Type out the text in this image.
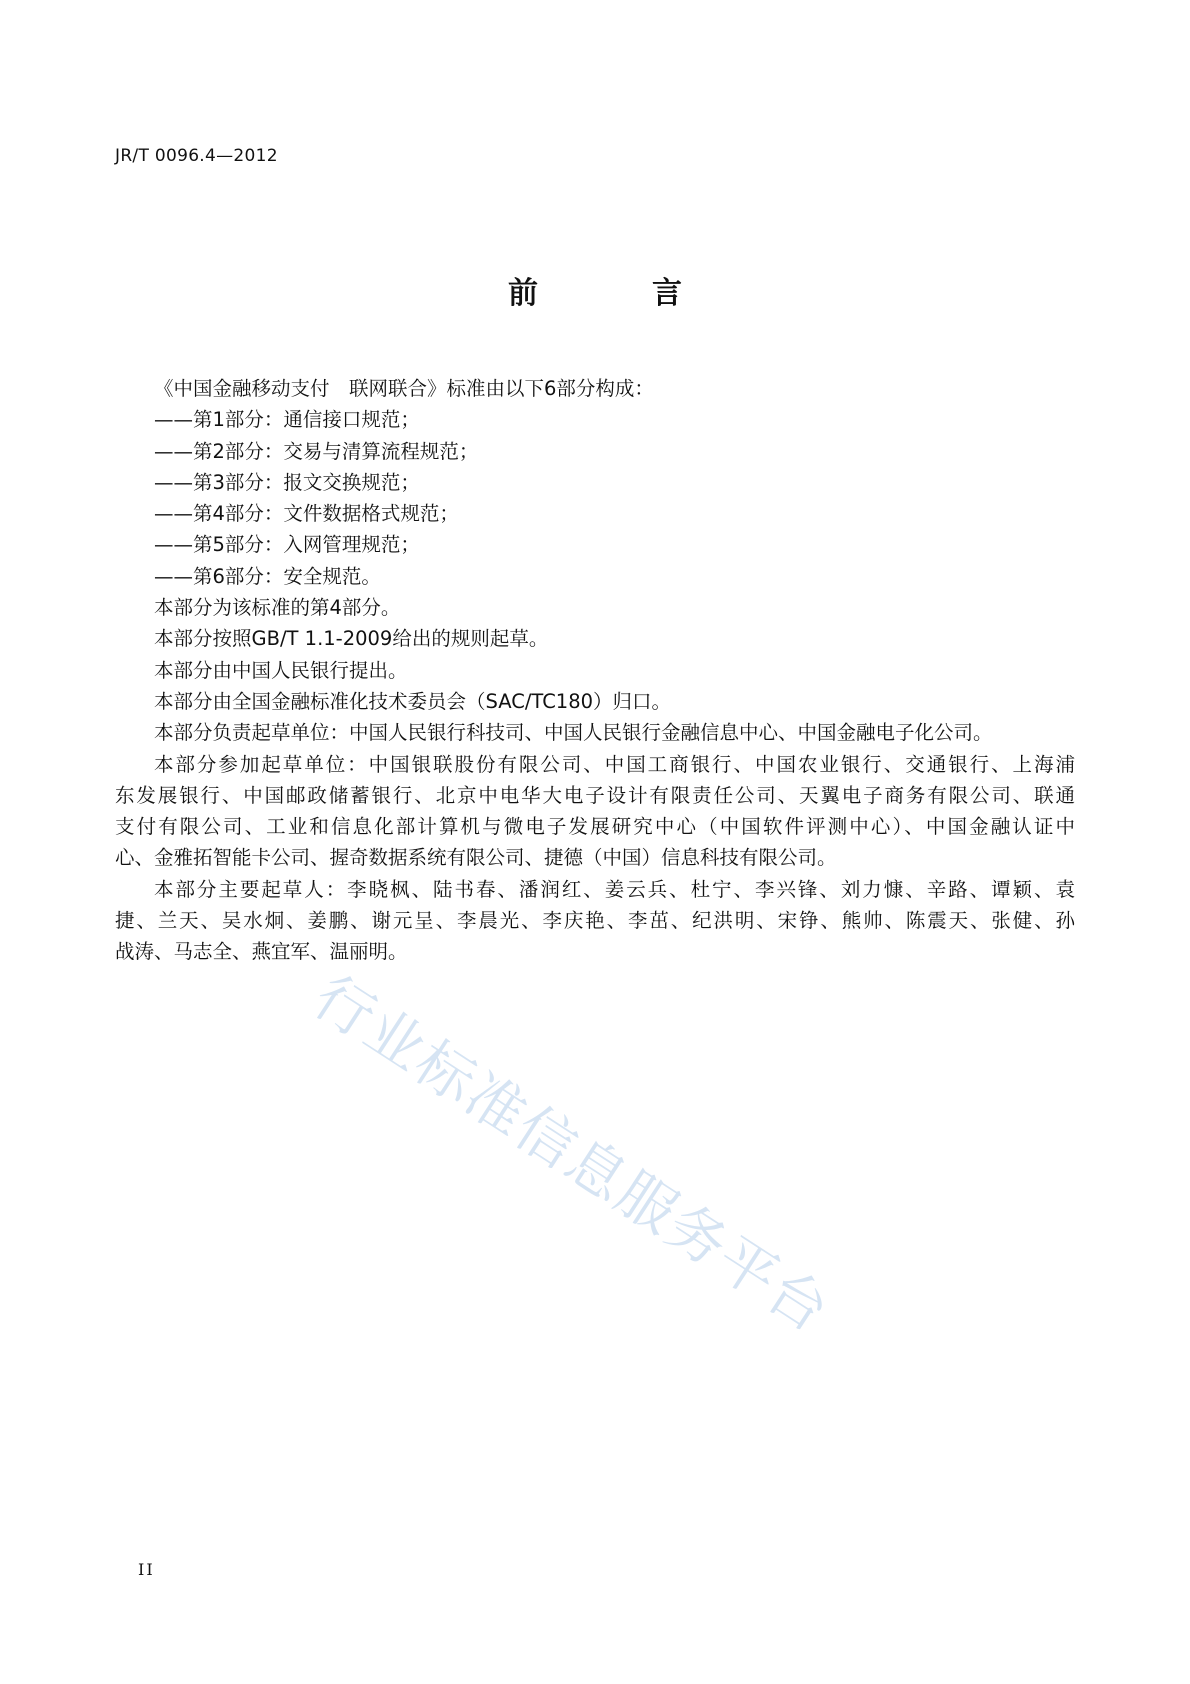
JR/T 0096.4—2012
前　言
《中国金融移动支付　联网联合》标准由以下6部分构成：
——第1部分：通信接口规范；
——第2部分：交易与清算流程规范；
——第3部分：报文交换规范；
——第4部分：文件数据格式规范；
——第5部分：入网管理规范；
——第6部分：安全规范。
本部分为该标准的第4部分。
本部分按照GB/T 1.1-2009给出的规则起草。
本部分由中国人民银行提出。
本部分由全国金融标准化技术委员会（SAC/TC180）归口。
本部分负责起草单位：中国人民银行科技司、中国人民银行金融信息中心、中国金融电子化公司。
本部分参加起草单位：中国银联股份有限公司、中国工商银行、中国农业银行、交通银行、上海浦
东发展银行、中国邮政储蓄银行、北京中电华大电子设计有限责任公司、天翼电子商务有限公司、联通
支付有限公司、工业和信息化部计算机与微电子发展研究中心（中国软件评测中心）、中国金融认证中
心、金雅拓智能卡公司、握奇数据系统有限公司、捷德（中国）信息科技有限公司。
本部分主要起草人：李晓枫、陆书春、潘润红、姜云兵、杜宁、李兴锋、刘力慷、辛路、谭颖、袁
捷、兰天、吴水炯、姜鹏、谢元呈、李晨光、李庆艳、李茁、纪洪明、宋铮、熊帅、陈震天、张健、孙
战涛、马志全、燕宜军、温丽明。
行业标准信息服务平台
II
